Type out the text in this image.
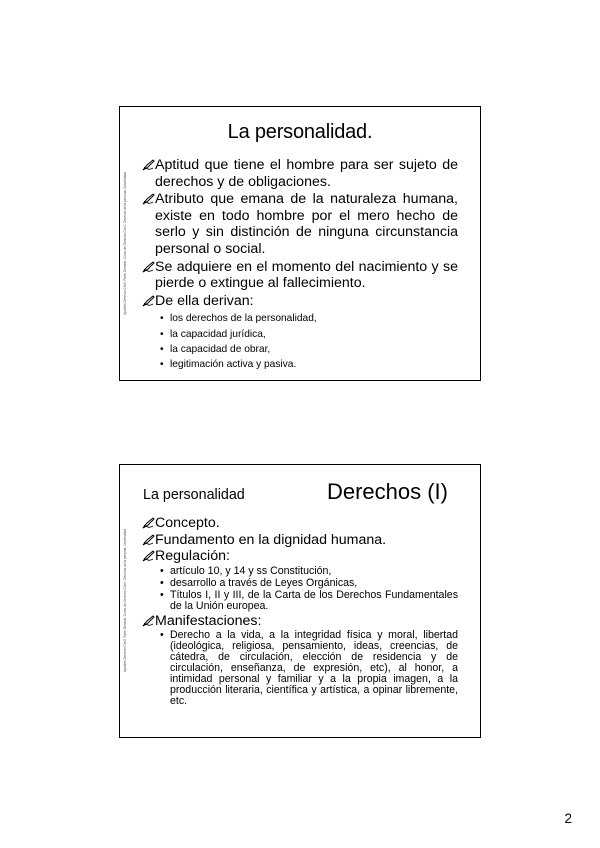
Apuntes Derecho Civil I Parte General. Curso de Derecho Civil I. Derecho de la persona. Universidad
La personalidad.
Aptitud que tiene el hombre para ser sujeto de derechos y de obligaciones.
Atributo que emana de la naturaleza humana, existe en todo hombre por el mero hecho de serlo y sin distinción de ninguna circunstancia personal o social.
Se adquiere en el momento del nacimiento y se pierde o extingue al fallecimiento.
De ella derivan:
• los derechos de la personalidad,
• la capacidad jurídica,
• la capacidad de obrar,
• legitimación activa y pasiva.
Apuntes Derecho Civil I Parte General. Curso de Derecho Civil I. Derecho de la persona. Universidad
La personalidad	Derechos (I)
Concepto.
Fundamento en la dignidad humana.
Regulación:
• artículo 10, y 14 y ss Constitución,
• desarrollo a través de Leyes Orgánicas,
• Títulos I, II y III, de la Carta de los Derechos Fundamentales de la Unión europea.
Manifestaciones:
• Derecho a la vida, a la integridad física y moral, libertad (ideológica, religiosa, pensamiento, ideas, creencias, de cátedra, de circulación, elección de residencia y de circulación, enseñanza, de expresión, etc), al honor, a intimidad personal y familiar y a la propia imagen, a la producción literaria, científica y artística, a opinar libremente, etc.
2
